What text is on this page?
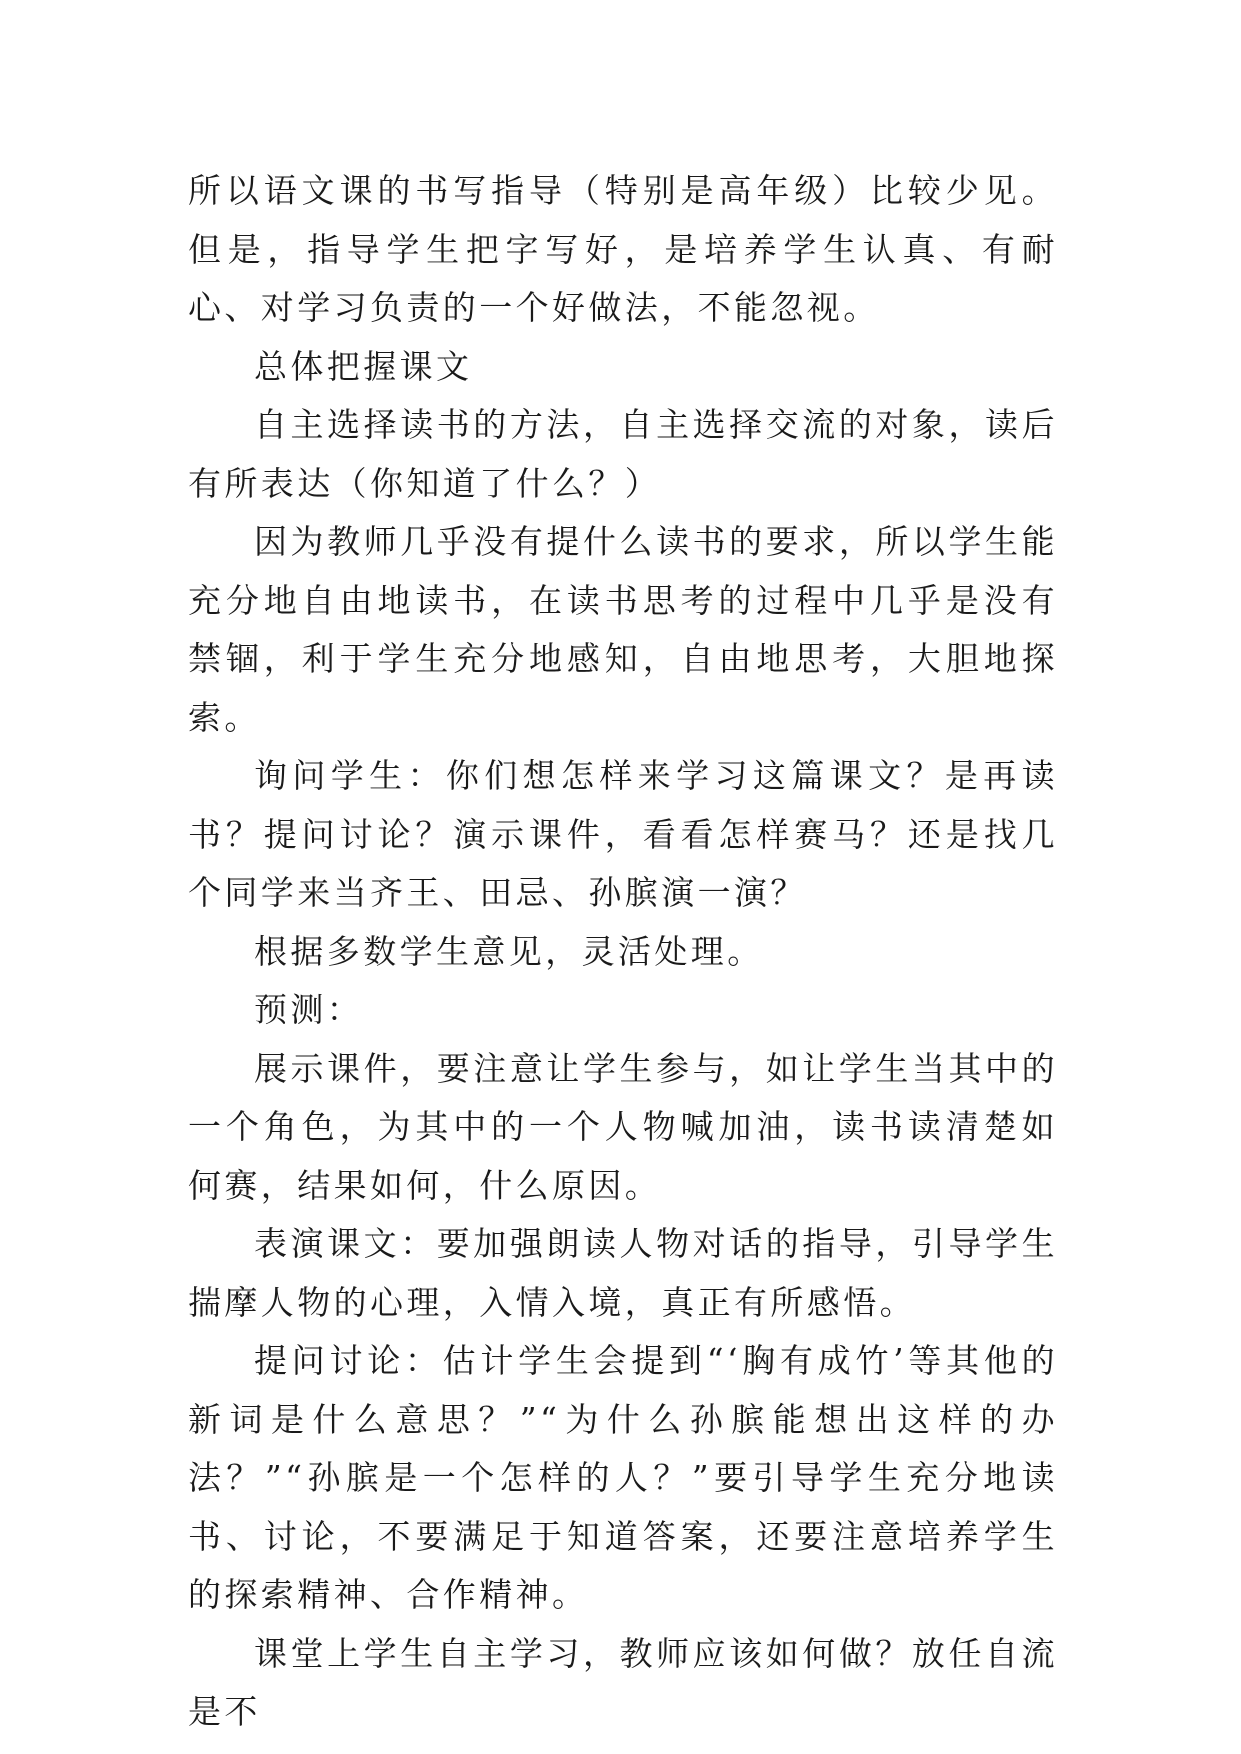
所以语文课的书写指导（特别是高年级）比较少见。但是，指导学生把字写好，是培养学生认真、有耐心、对学习负责的一个好做法，不能忽视。

总体把握课文

自主选择读书的方法，自主选择交流的对象，读后有所表达（你知道了什么？）

因为教师几乎没有提什么读书的要求，所以学生能充分地自由地读书，在读书思考的过程中几乎是没有禁锢，利于学生充分地感知，自由地思考，大胆地探索。

询问学生：你们想怎样来学习这篇课文？是再读书？提问讨论？演示课件，看看怎样赛马？还是找几个同学来当齐王、田忌、孙膑演一演？

根据多数学生意见，灵活处理。

预测：

展示课件，要注意让学生参与，如让学生当其中的一个角色，为其中的一个人物喊加油，读书读清楚如何赛，结果如何，什么原因。

表演课文：要加强朗读人物对话的指导，引导学生揣摩人物的心理，入情入境，真正有所感悟。

提问讨论：估计学生会提到“‘胸有成竹’等其他的新词是什么意思？”“为什么孙膑能想出这样的办法？”“孙膑是一个怎样的人？”要引导学生充分地读书、讨论，不要满足于知道答案，还要注意培养学生的探索精神、合作精神。

课堂上学生自主学习，教师应该如何做？放任自流是不
